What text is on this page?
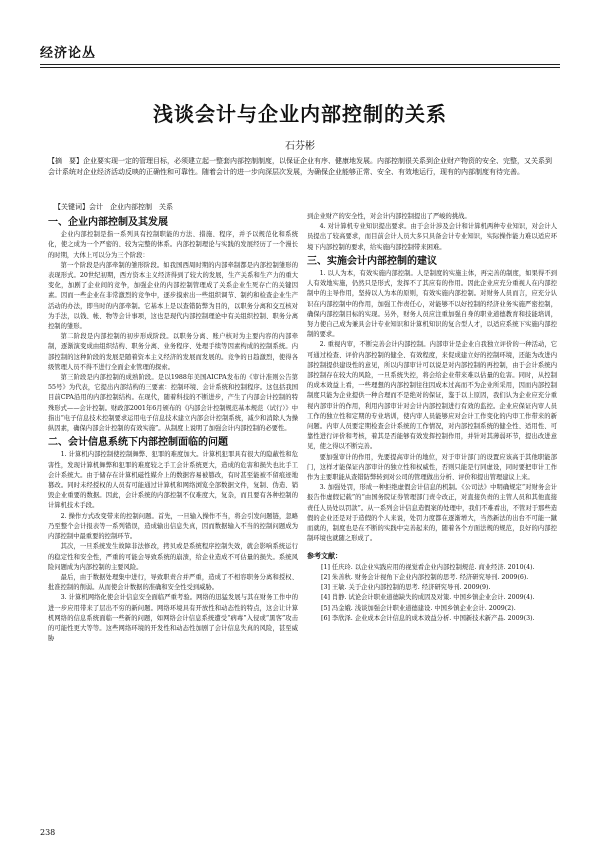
经济论丛
浅谈会计与企业内部控制的关系
石芬彬
【摘　要】企业要实现一定的管理目标，必须建立起一整套内部控制制度，以保证企业有序、健康地发展。内部控制很关系到企业财产物资的安全、完整，又关系到会计系统对企业经济活动反映的正确性和可靠性。随着会计的进一步向深层次发展，为确保企业能够正常、安全、有效地运行，现有的内部制度有待完善。
【关键词】会计　企业内部控制　关系
一、企业内部控制及其发展

企业内部控制是指一系列具有控制职能的方法、措施、程序，并予以规范化和系统化，使之成为一个严密的、较为完整的体系。内部控制理论与实践的发展经历了一个漫长的时期，大体上可以分为三个阶段：

第一个阶段是内部牵制的雏形阶段。如我国西周时期的内部牵制都是内部控制雏形的表现形式。20世纪初期，西方资本主义经济得到了较大的发展，生产关系和生产力的重大变化，加剧了企业间的竞争，加强企业的内部控制管理成了关系企业生死存亡的关键因素。因而一些企业在非常激烈的竞争中，逐步摸索出一些组织调节、制约和检查企业生产活动的办法，即当时的内部牵制。它基本上是以查错防弊为目的，以职务分离和交互核对为手法，以钱、帐、物等会计事项，这也是现代内部控制理论中有关组织控制、职务分离控制的雏形。

第二阶段是内部控制的初步形成阶段。以职务分离、账户核对为主要内容的内部牵制，逐渐演变成由组织结构、职务分离、业务程序、处理手续等因素构成的控制系统。内部控制的这种阶段的发展是随着资本主义经济的发展而发展的。竞争的日趋激烈，使得各级管理人员不得不进行全面企业管理的探索。

第三阶段是内部控制的成熟阶段。是以1988年美国AICPA发布的《审计准则公告第55号》为代表，它提出内部结构的三要素：控制环境、会计系统和控制程序。这包括我国目前CPA沿用的内部控制结构。在现代，随着科技的不断进步，产生了内部会计控制的特殊形式——会计控制。财政部2001年6月颁布的《内部会计控制规范基本规范（试行）》中指出“电子信息技术控制要求运用电子信息技术建立内部会计控制系统，减少和消除人为操纵因素，确保内部会计控制的有效实施”。从制度上说明了加强会计内部控制的必要性。

二、会计信息系统下内部控制面临的问题

1. 计算机内部控制使控制舞弊、犯罪的难度加大。计算机犯罪具有很大的隐蔽性和危害性，发现计算机舞弊和犯罪的难度较之手工会计系统更大，造成的危害和损失也比手工会计系统大。由于储存在计算机磁性媒介上的数据容易被篡改，有时甚至能被不留痕迹地篡改。同时未经授权的人员有可能通过计算机和网络浏览全部数据文件，复制、伪造、销毁企业重要的数据。因此，会计系统的内部控制不仅难度大，复杂，而且要有各种控制的计算机技术手段。

2. 操作方式改变带来的控制问题。首先，一旦输入操作不当，将会引发问题链，忽略乃至整个会计报表等一系列错误，造成输出信息失真，因而数据输入不当的控制问题成为内部控制中最重要的控制环节。

其次，一旦系统发生故障非法修改，拷贝或是系统程序控制失效，就会影响系统运行的稳定性和安全性，严重的可能会导致系统的崩溃，给企业造成不可估量的损失。系统风险问题成为内部控制的主要风险。

最后，由于数据处理集中进行，导致职责合并严重，造成了不相容职务分离和授权、批准控制的削弱。从而使会计数据的准确和安全性受到威胁。

3. 计算机网络化使会计信息安全面临严重考验。网络的迅猛发展与其在财务工作中的进一步应用带来了层出不穷的新问题。网络环境具有开放性和动态性的特点，这会让计算机网络的信息系统面临一些新的问题，如网络会计信息系统遭受“病毒”入侵或“黑客”攻击的可能性更大等等。这些网络环境的开发性和动态性加剧了会计信息失真的风险，甚至威胁

到企业财产的安全性，对会计内部控制提出了严峻的挑战。

4. 对计算机专业知识提出要求。由于会计涉及会计和计算机两种专业知识，对会计人员提出了较高要求，而目前会计人员大多只具备会计专业知识，实际操作能力难以适应环境下内部控制的要求，给实施内部控制带来困难。

三、实施会计内部控制的建议

1. 以人为本，有效实施内部控制。人是制度的实施主体，再完善的制度，如果得不到人有效地实施，仍然只是形式，发挥不了其应有的作用。因此企业应充分重视人在内部控制中的主导作用，坚持以人为本的原则，有效实施内部控制。对财务人员而言，应充分认识在内部控制中的作用，加强工作责任心，对能够不以好控制的经济业务实施严密控制，确保内部控制目标的实现。另外，财务人员应注重加强自身的职业道德教育和技能培训，努力使自己成为兼具会计专业知识和计算机知识的复合型人才，以适应系统下实施内部控制的要求。

2. 重视内审，不断完善会计内部控制。内部审计是企业自我独立评价的一种活动，它可通过检查、评价内部控制的健全、有效程度，来促成建立好的控制环境，还能为改进内部控制提供建设性的意见，所以内部审计可以说是对内部控制的再控制，由于会计系统内部控制存在较大的风险，一旦系统失控，将会给企业带来难以估量的危害。同时，从控制的成本效益上看，一些理想的内部控制往往因成本过高而不为企业所采用，因而内部控制制度只能为企业提供一种合理而不是绝对的保证，鉴于以上原因，我们认为企业应充分重视内部审计的作用，利用内部审计对会计内部控制进行有效的监控。企业应保证内审人员工作的独立性和定期的专业培训，使内审人员能够应对会计工作变化的内审工作带来的新问题。内审人员要定期检查会计系统的工作情况，对内部控制系统的健全性、适用性、可靠性进行评价和考核，着其是否能够有效发挥控制作用，并针对其薄弱环节，提出改进意见，使之得以不断完善。

要加强审计的作用，先要提高审计的地位，对于审计部门的设置应该高于其他职能部门，这样才能保证内部审计的独立性和权威性，否则只能是行同虚设，同时要把审计工作作为主要职能从查错防弊转到对公司的管理做出分析、评价和提出管理建议上来。

3. 加强处罚，形成一种拒绝虚假会计信息的机制。《公司法》中明确规定“对财务会计报告作虚假记载”的“由国务院证券管理部门责令改正，对直接负责的主管人员和其他直接责任人员处以罚款”。从一系列会计信息造假案的处理中，我们不难看出，不管对于那些造假的企业还是对于造假的个人来说，处罚力度都在逐渐增大，当然新法的出台不可能一蹴而就的，制度也是在不断的实践中完善起来的，随着各个方面法规的规范，良好的内部控制环境也就随之形成了。

参考文献：

[1] 任庆玲. 以企业实践应用的视觉看企业内部控制规范. 商业经济. 2010(4).

[2] 朱善秋. 财务会计视角下企业内部控制的思考. 经济研究导刊. 2009(6).

[3] 王敏. 关于企业内部控制的思考. 经济研究导刊. 2009(9).

[4] 肖静. 试论会计职业道德缺失的成因及对策. 中国乡镇企业会计. 2009(4).

[5] 冯金娥. 浅谈加强会计职业道德建设. 中国乡镇企业会计. 2009(2).

[6] 李欣泽. 企业成本会计信息的成本效益分析. 中国新技术新产品. 2009(3).

238
